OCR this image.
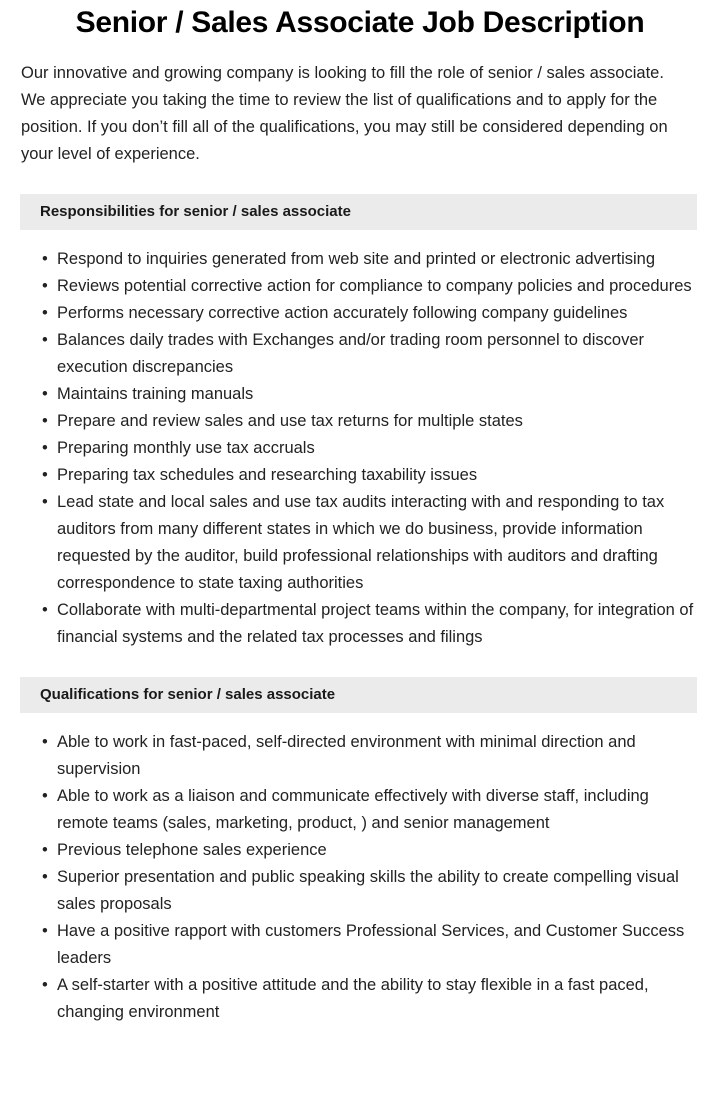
Senior / Sales Associate Job Description

Our innovative and growing company is looking to fill the role of senior / sales associate. We appreciate you taking the time to review the list of qualifications and to apply for the position. If you don’t fill all of the qualifications, you may still be considered depending on your level of experience.

Responsibilities for senior / sales associate
• Respond to inquiries generated from web site and printed or electronic advertising
• Reviews potential corrective action for compliance to company policies and procedures
• Performs necessary corrective action accurately following company guidelines
• Balances daily trades with Exchanges and/or trading room personnel to discover execution discrepancies
• Maintains training manuals
• Prepare and review sales and use tax returns for multiple states
• Preparing monthly use tax accruals
• Preparing tax schedules and researching taxability issues
• Lead state and local sales and use tax audits interacting with and responding to tax auditors from many different states in which we do business, provide information requested by the auditor, build professional relationships with auditors and drafting correspondence to state taxing authorities
• Collaborate with multi-departmental project teams within the company, for integration of financial systems and the related tax processes and filings
Qualifications for senior / sales associate
• Able to work in fast-paced, self-directed environment with minimal direction and supervision
• Able to work as a liaison and communicate effectively with diverse staff, including remote teams (sales, marketing, product, ) and senior management
• Previous telephone sales experience
• Superior presentation and public speaking skills the ability to create compelling visual sales proposals
• Have a positive rapport with customers Professional Services, and Customer Success leaders
• A self-starter with a positive attitude and the ability to stay flexible in a fast paced, changing environment
